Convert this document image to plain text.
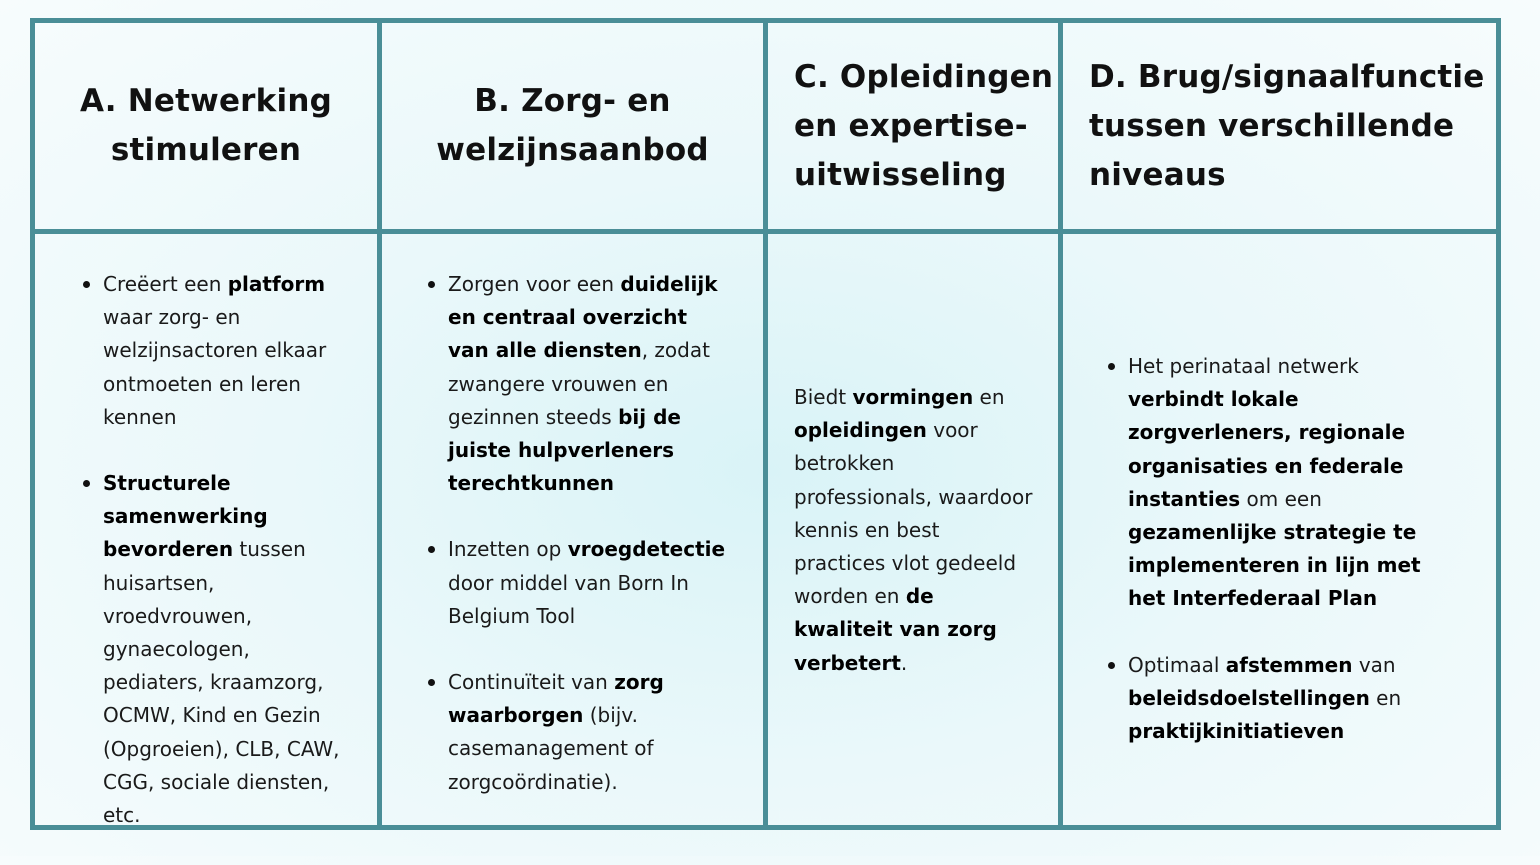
A. Netwerking
stimuleren
B. Zorg- en
welzijnsaanbod
C. Opleidingen
en expertise-
uitwisseling
D. Brug/signaalfunctie
tussen verschillende
niveaus
Creëert een platform waar zorg- en welzijnsactoren elkaar ontmoeten en leren kennen
Structurele samenwerking bevorderen tussen huisartsen, vroedvrouwen, gynaecologen, pediaters, kraamzorg, OCMW, Kind en Gezin (Opgroeien), CLB, CAW, CGG, sociale diensten, etc.
Zorgen voor een duidelijk en centraal overzicht van alle diensten, zodat zwangere vrouwen en gezinnen steeds bij de juiste hulpverleners terechtkunnen
Inzetten op vroegdetectie door middel van Born In Belgium Tool
Continuïteit van zorg waarborgen (bijv. casemanagement of zorgcoördinatie).

Biedt vormingen en opleidingen voor betrokken professionals, waardoor kennis en best practices vlot gedeeld worden en de kwaliteit van zorg verbetert.

Het perinataal netwerk verbindt lokale zorgverleners, regionale organisaties en federale instanties om een gezamenlijke strategie te implementeren in lijn met het Interfederaal Plan
Optimaal afstemmen van beleidsdoelstellingen en praktijkinitiatieven
